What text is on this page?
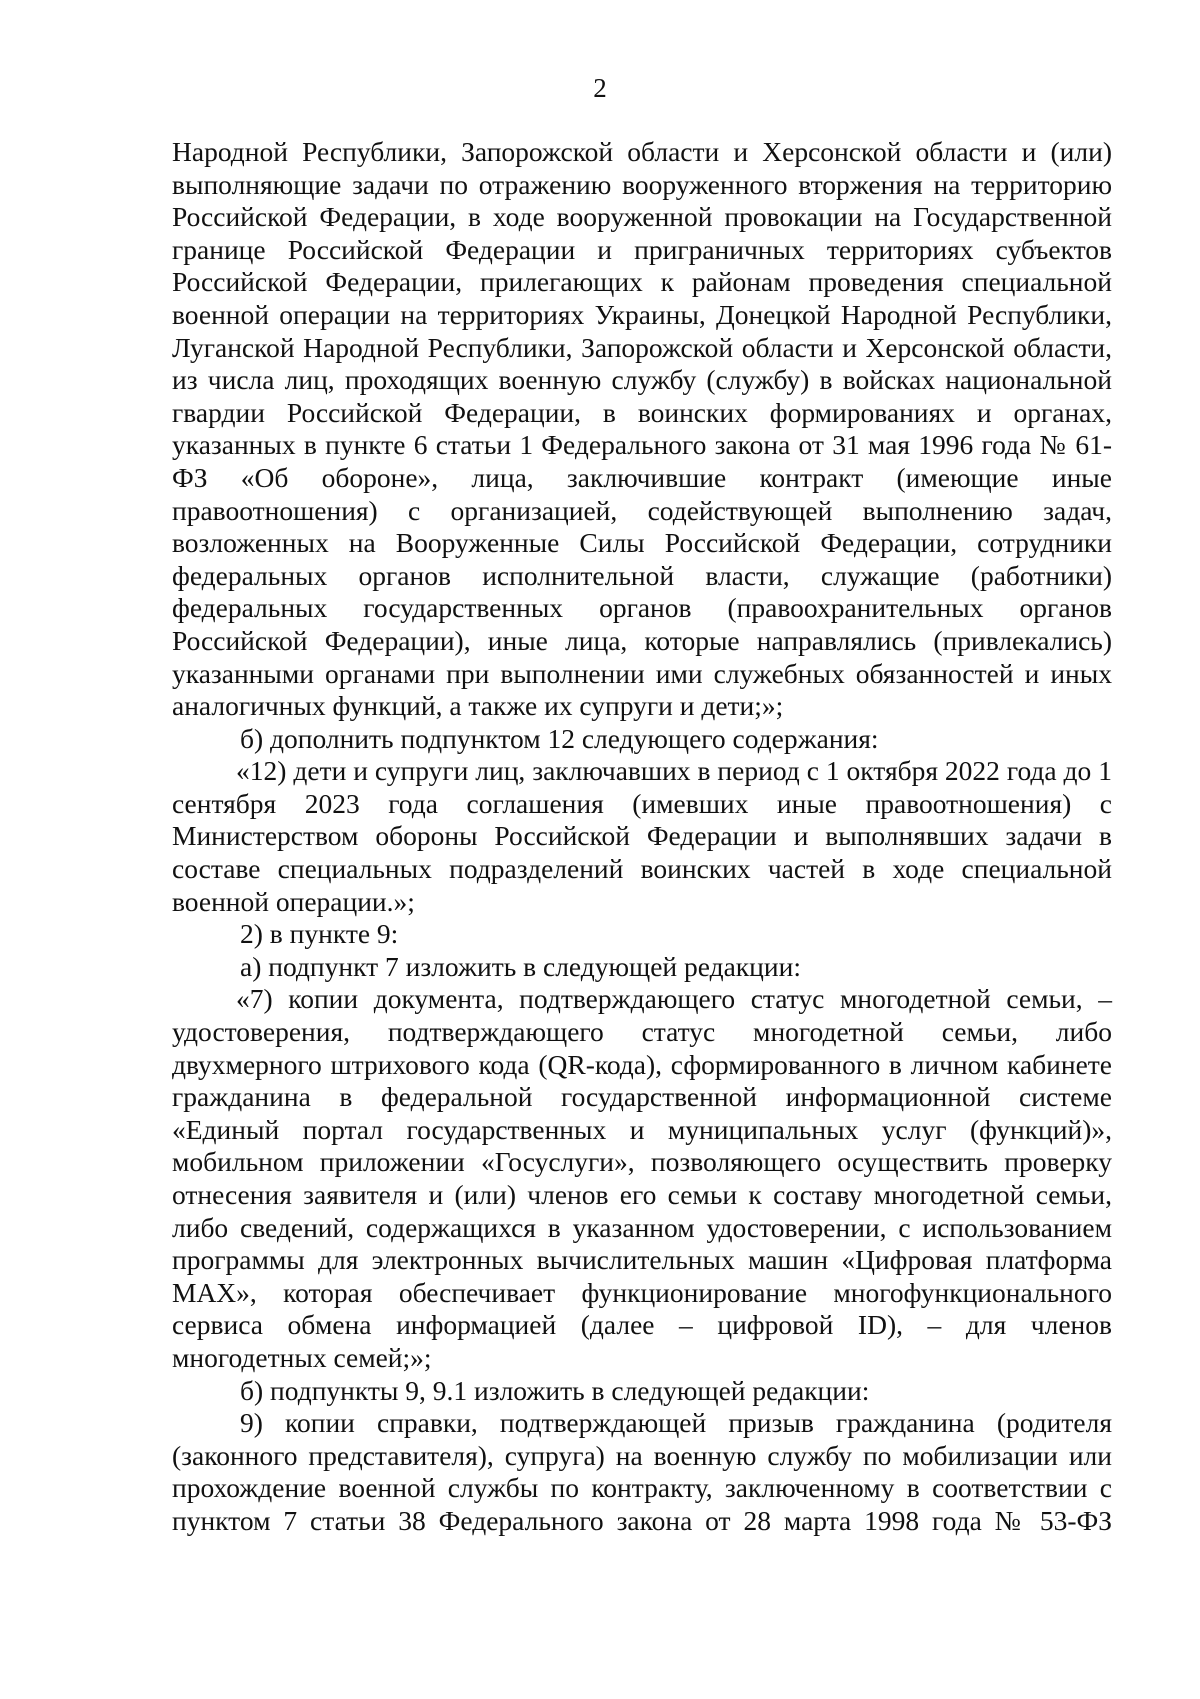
2

Народной Республики, Запорожской области и Херсонской области и (или) выполняющие задачи по отражению вооруженного вторжения на территорию Российской Федерации, в ходе вооруженной провокации на Государственной границе Российской Федерации и приграничных территориях субъектов Российской Федерации, прилегающих к районам проведения специальной военной операции на территориях Украины, Донецкой Народной Республики, Луганской Народной Республики, Запорожской области и Херсонской области, из числа лиц, проходящих военную службу (службу) в войсках национальной гвардии Российской Федерации, в воинских формированиях и органах, указанных в пункте 6 статьи 1 Федерального закона от 31 мая 1996 года № 61-ФЗ «Об обороне», лица, заключившие контракт (имеющие иные правоотношения) с организацией, содействующей выполнению задач, возложенных на Вооруженные Силы Российской Федерации, сотрудники федеральных органов исполнительной власти, служащие (работники) федеральных государственных органов (правоохранительных органов Российской Федерации), иные лица, которые направлялись (привлекались) указанными органами при выполнении ими служебных обязанностей и иных аналогичных функций, а также их супруги и дети;»;

б) дополнить подпунктом 12 следующего содержания:

«12) дети и супруги лиц, заключавших в период с 1 октября 2022 года до 1 сентября 2023 года соглашения (имевших иные правоотношения) с Министерством обороны Российской Федерации и выполнявших задачи в составе специальных подразделений воинских частей в ходе специальной военной операции.»;

2) в пункте 9:

а) подпункт 7 изложить в следующей редакции:

«7) копии документа, подтверждающего статус многодетной семьи, – удостоверения, подтверждающего статус многодетной семьи, либо двухмерного штрихового кода (QR-кода), сформированного в личном кабинете гражданина в федеральной государственной информационной системе «Единый портал государственных и муниципальных услуг (функций)», мобильном приложении «Госуслуги», позволяющего осуществить проверку отнесения заявителя и (или) членов его семьи к составу многодетной семьи, либо сведений, содержащихся в указанном удостоверении, с использованием программы для электронных вычислительных машин «Цифровая платформа MAX», которая обеспечивает функционирование многофункционального сервиса обмена информацией (далее – цифровой ID), – для членов многодетных семей;»;

б) подпункты 9, 9.1 изложить в следующей редакции:

9) копии справки, подтверждающей призыв гражданина (родителя (законного представителя), супруга) на военную службу по мобилизации или прохождение военной службы по контракту, заключенному в соответствии с пунктом 7 статьи 38 Федерального закона от 28 марта 1998 года № 53-ФЗ
